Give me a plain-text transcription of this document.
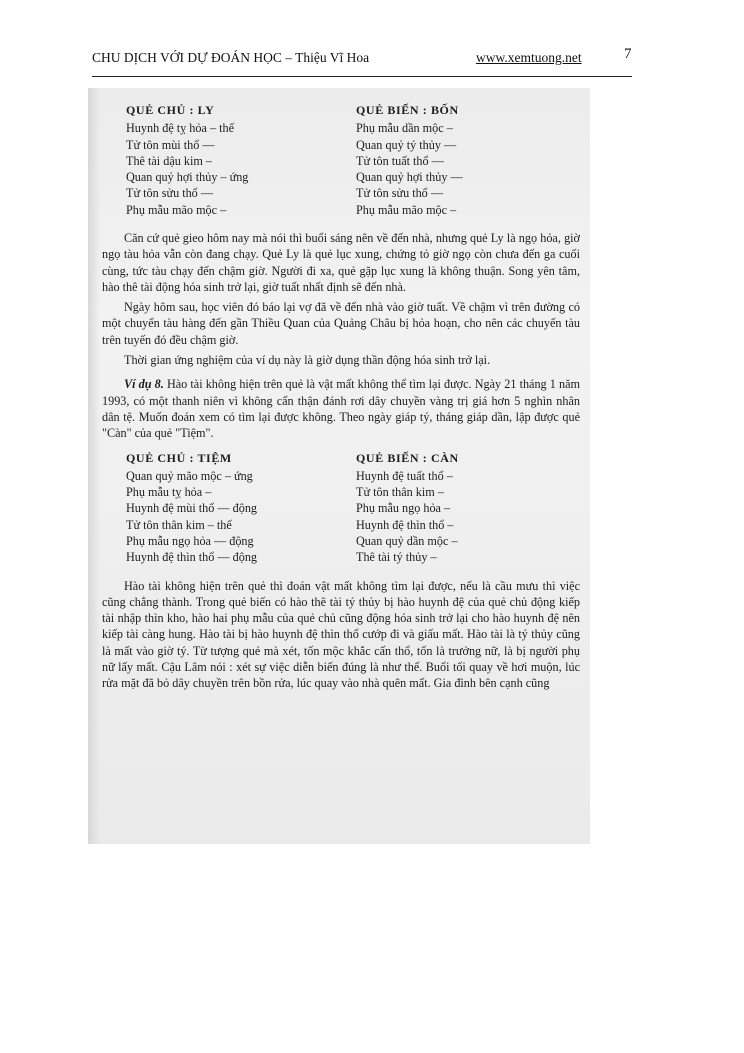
CHU DỊCH VỚI DỰ ĐOÁN HỌC – Thiệu Vĩ Hoa	www.xemtuong.net	7
QUẺ CHỦ : LY
Huynh đệ tỵ hỏa – thế
Tử tôn mùi thổ —
Thê tài dậu kim –
Quan quỷ hợi thủy – ứng
Tử tôn sửu thổ —
Phụ mẫu mão mộc –
QUẺ BIẾN : BỐN
Phụ mẫu dần mộc –
Quan quỷ tý thủy —
Tử tôn tuất thổ —
Quan quỷ hợi thủy —
Tử tôn sửu thổ —
Phụ mẫu mão mộc –

Căn cứ quẻ gieo hôm nay mà nói thì buổi sáng nên về đến nhà, nhưng quẻ Ly là ngọ hỏa, giờ ngọ tàu hỏa vẫn còn đang chạy. Quẻ Ly là quẻ lục xung, chứng tỏ giờ ngọ còn chưa đến ga cuối cùng, tức tàu chạy đến chậm giờ. Người đi xa, quẻ gặp lục xung là không thuận. Song yên tâm, hào thê tài động hóa sinh trở lại, giờ tuất nhất định sẽ đến nhà.

Ngày hôm sau, học viên đó báo lại vợ đã về đến nhà vào giờ tuất. Về chậm vì trên đường có một chuyến tàu hàng đến gần Thiều Quan của Quảng Châu bị hỏa hoạn, cho nên các chuyến tàu trên tuyến đó đều chậm giờ.

Thời gian ứng nghiệm của ví dụ này là giờ dụng thần động hóa sinh trở lại.

Ví dụ 8. Hào tài không hiện trên quẻ là vật mất không thể tìm lại được. Ngày 21 tháng 1 năm 1993, có một thanh niên vì không cẩn thận đánh rơi dây chuyền vàng trị giá hơn 5 nghìn nhân dân tệ. Muốn đoán xem có tìm lại được không. Theo ngày giáp tý, tháng giáp dần, lập được quẻ "Càn" của quẻ "Tiệm".

QUẺ CHỦ : TIỆM
Quan quỷ mão mộc – ứng
Phụ mẫu tỵ hỏa –
Huynh đệ mùi thổ — động
Tử tôn thân kim – thế
Phụ mẫu ngọ hỏa — động
Huynh đệ thìn thổ — động
QUẺ BIẾN : CÀN
Huynh đệ tuất thổ –
Tử tôn thân kim –
Phụ mẫu ngọ hỏa –
Huynh đệ thìn thổ –
Quan quỷ dần mộc –
Thê tài tý thủy –

Hào tài không hiện trên quẻ thì đoán vật mất không tìm lại được, nếu là cầu mưu thì việc cũng chẳng thành. Trong quẻ biến có hào thê tài tý thủy bị hào huynh đệ của quẻ chủ động kiếp tài nhập thìn kho, hào hai phụ mẫu của quẻ chủ cũng động hóa sinh trở lại cho hào huynh đệ nên kiếp tài càng hung. Hào tài bị hào huynh đệ thìn thổ cướp đi và giấu mất. Hào tài là tý thủy cũng là mất vào giờ tý. Từ tượng quẻ mà xét, tốn mộc khắc cấn thổ, tốn là trưởng nữ, là bị người phụ nữ lấy mất. Cậu Lâm nói : xét sự việc diễn biến đúng là như thế. Buổi tối quay về hơi muộn, lúc rửa mặt đã bỏ dây chuyền trên bồn rửa, lúc quay vào nhà quên mất. Gia đình bên cạnh cũng
